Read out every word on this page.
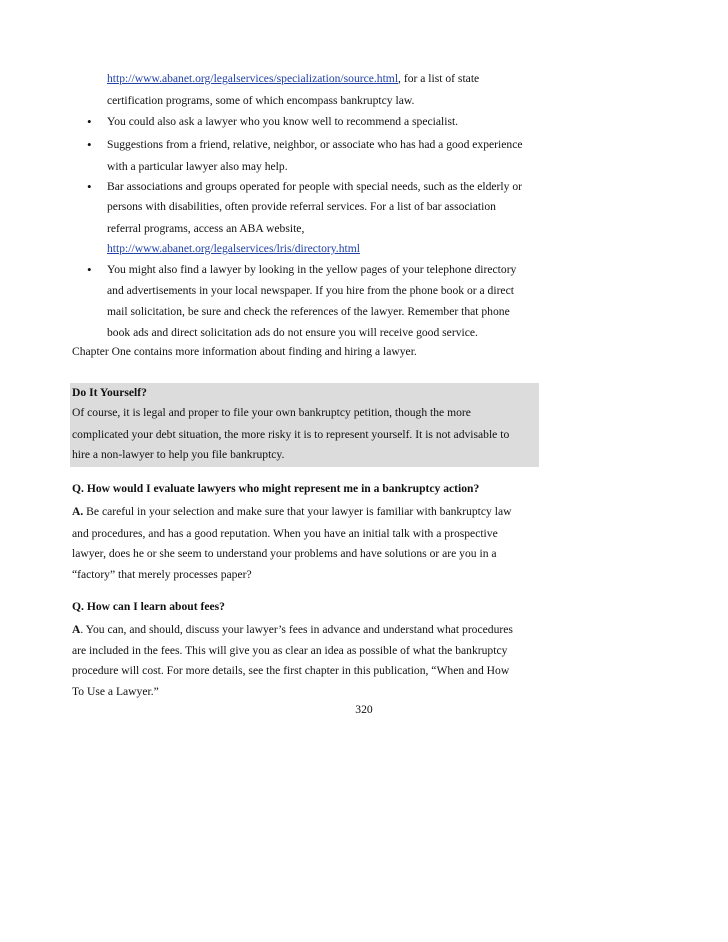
http://www.abanet.org/legalservices/specialization/source.html, for a list of state
certification programs, some of which encompass bankruptcy law.
• You could also ask a lawyer who you know well to recommend a specialist.
• Suggestions from a friend, relative, neighbor, or associate who has had a good experience
with a particular lawyer also may help.
• Bar associations and groups operated for people with special needs, such as the elderly or
persons with disabilities, often provide referral services. For a list of bar association
referral programs, access an ABA website,
http://www.abanet.org/legalservices/lris/directory.html
• You might also find a lawyer by looking in the yellow pages of your telephone directory
and advertisements in your local newspaper. If you hire from the phone book or a direct
mail solicitation, be sure and check the references of the lawyer. Remember that phone
book ads and direct solicitation ads do not ensure you will receive good service.
Chapter One contains more information about finding and hiring a lawyer.
Do It Yourself?
Of course, it is legal and proper to file your own bankruptcy petition, though the more
complicated your debt situation, the more risky it is to represent yourself. It is not advisable to
hire a non-lawyer to help you file bankruptcy.
Q. How would I evaluate lawyers who might represent me in a bankruptcy action?
A. Be careful in your selection and make sure that your lawyer is familiar with bankruptcy law
and procedures, and has a good reputation. When you have an initial talk with a prospective
lawyer, does he or she seem to understand your problems and have solutions or are you in a
“factory” that merely processes paper?
Q. How can I learn about fees?
A. You can, and should, discuss your lawyer’s fees in advance and understand what procedures
are included in the fees. This will give you as clear an idea as possible of what the bankruptcy
procedure will cost. For more details, see the first chapter in this publication, “When and How
To Use a Lawyer.”
320
